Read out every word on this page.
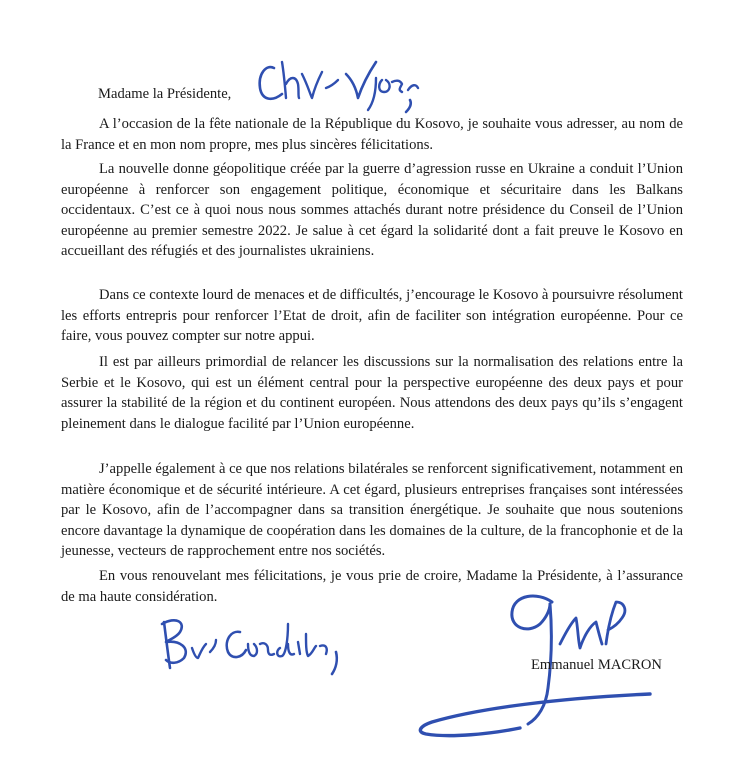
Madame la Présidente,

A l’occasion de la fête nationale de la République du Kosovo, je souhaite vous adresser, au nom de la France et en mon nom propre, mes plus sincères félicitations.

La nouvelle donne géopolitique créée par la guerre d’agression russe en Ukraine a conduit l’Union européenne à renforcer son engagement politique, économique et sécuritaire dans les Balkans occidentaux. C’est ce à quoi nous nous sommes attachés durant notre présidence du Conseil de l’Union européenne au premier semestre 2022. Je salue à cet égard la solidarité dont a fait preuve le Kosovo en accueillant des réfugiés et des journalistes ukrainiens.

Dans ce contexte lourd de menaces et de difficultés, j’encourage le Kosovo à poursuivre résolument les efforts entrepris pour renforcer l’Etat de droit, afin de faciliter son intégration européenne. Pour ce faire, vous pouvez compter sur notre appui.

Il est par ailleurs primordial de relancer les discussions sur la normalisation des relations entre la Serbie et le Kosovo, qui est un élément central pour la perspective européenne des deux pays et pour assurer la stabilité de la région et du continent européen. Nous attendons des deux pays qu’ils s’engagent pleinement dans le dialogue facilité par l’Union européenne.

J’appelle également à ce que nos relations bilatérales se renforcent significativement, notamment en matière économique et de sécurité intérieure. A cet égard, plusieurs entreprises françaises sont intéressées par le Kosovo, afin de l’accompagner dans sa transition énergétique. Je souhaite que nous soutenions encore davantage la dynamique de coopération dans les domaines de la culture, de la francophonie et de la jeunesse, vecteurs de rapprochement entre nos sociétés.

En vous renouvelant mes félicitations, je vous prie de croire, Madame la Présidente, à l’assurance de ma haute considération.

Emmanuel MACRON
